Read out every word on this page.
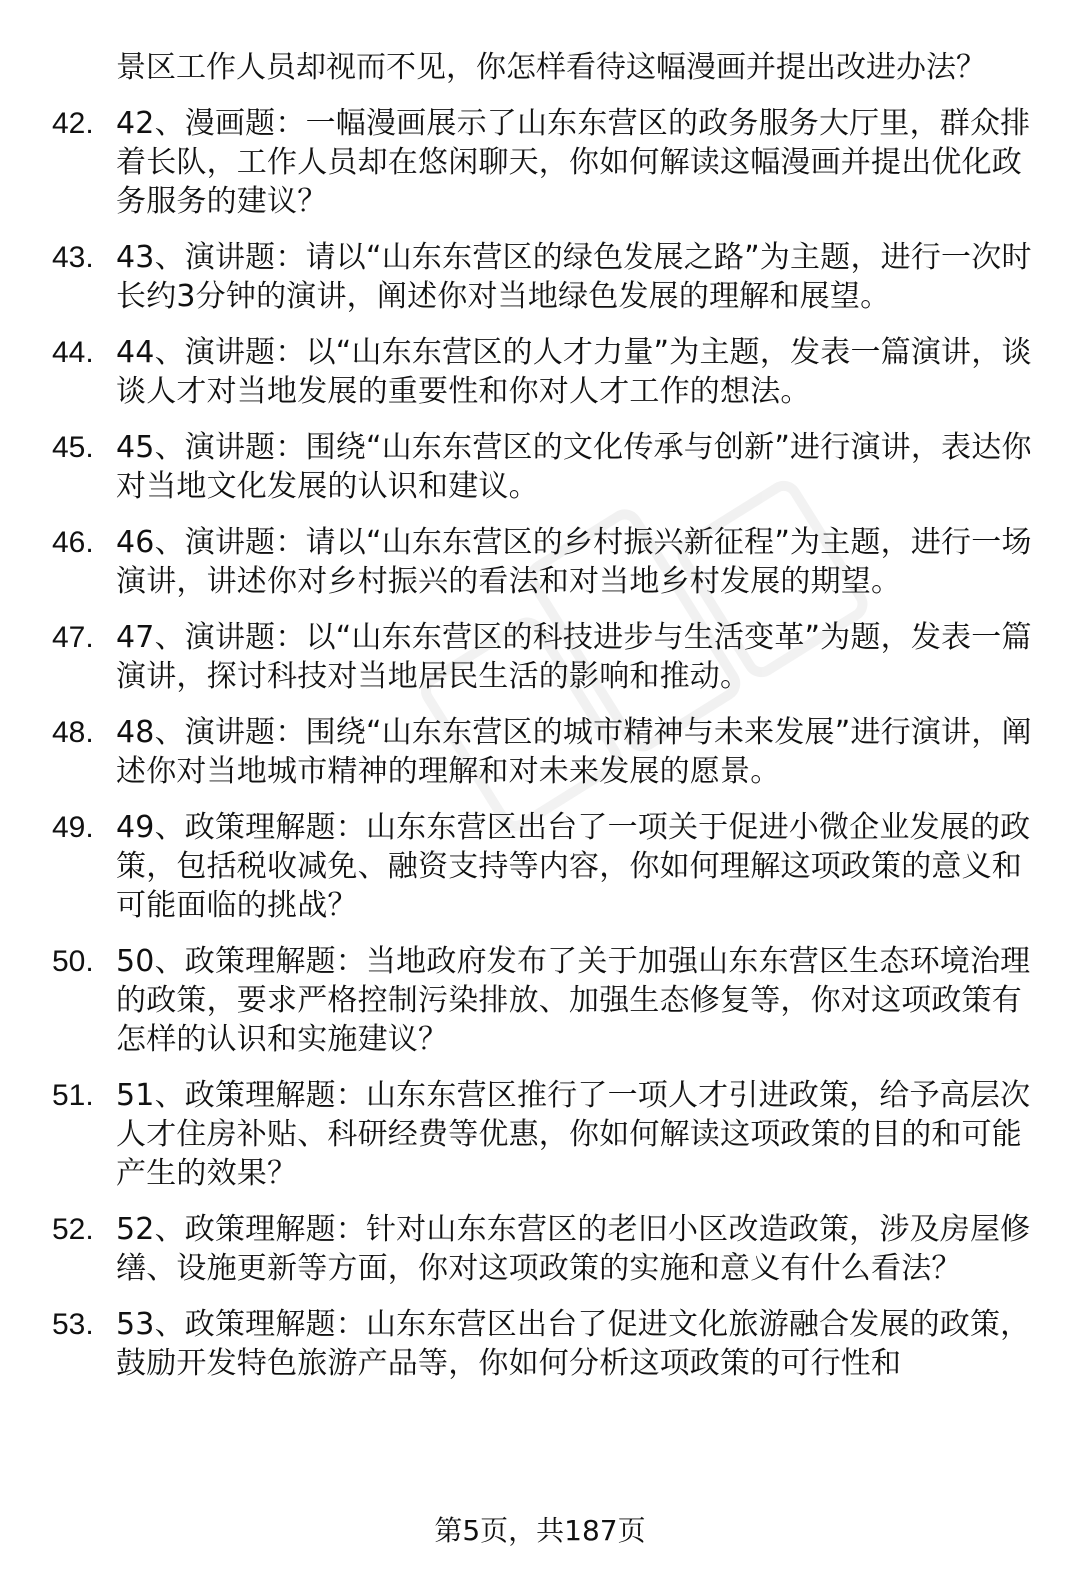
景区工作人员却视而不见，你怎样看待这幅漫画并提出改进办法？
42. 42、漫画题：一幅漫画展示了山东东营区的政务服务大厅里，群众排着长队，工作人员却在悠闲聊天，你如何解读这幅漫画并提出优化政务服务的建议？
43. 43、演讲题：请以“山东东营区的绿色发展之路”为主题，进行一次时长约3分钟的演讲，阐述你对当地绿色发展的理解和展望。
44. 44、演讲题：以“山东东营区的人才力量”为主题，发表一篇演讲，谈谈人才对当地发展的重要性和你对人才工作的想法。
45. 45、演讲题：围绕“山东东营区的文化传承与创新”进行演讲，表达你对当地文化发展的认识和建议。
46. 46、演讲题：请以“山东东营区的乡村振兴新征程”为主题，进行一场演讲，讲述你对乡村振兴的看法和对当地乡村发展的期望。
47. 47、演讲题：以“山东东营区的科技进步与生活变革”为题，发表一篇演讲，探讨科技对当地居民生活的影响和推动。
48. 48、演讲题：围绕“山东东营区的城市精神与未来发展”进行演讲，阐述你对当地城市精神的理解和对未来发展的愿景。
49. 49、政策理解题：山东东营区出台了一项关于促进小微企业发展的政策，包括税收减免、融资支持等内容，你如何理解这项政策的意义和可能面临的挑战？
50. 50、政策理解题：当地政府发布了关于加强山东东营区生态环境治理的政策，要求严格控制污染排放、加强生态修复等，你对这项政策有怎样的认识和实施建议？
51. 51、政策理解题：山东东营区推行了一项人才引进政策，给予高层次人才住房补贴、科研经费等优惠，你如何解读这项政策的目的和可能产生的效果？
52. 52、政策理解题：针对山东东营区的老旧小区改造政策，涉及房屋修缮、设施更新等方面，你对这项政策的实施和意义有什么看法？
53. 53、政策理解题：山东东营区出台了促进文化旅游融合发展的政策，鼓励开发特色旅游产品等，你如何分析这项政策的可行性和
第5页，共187页
